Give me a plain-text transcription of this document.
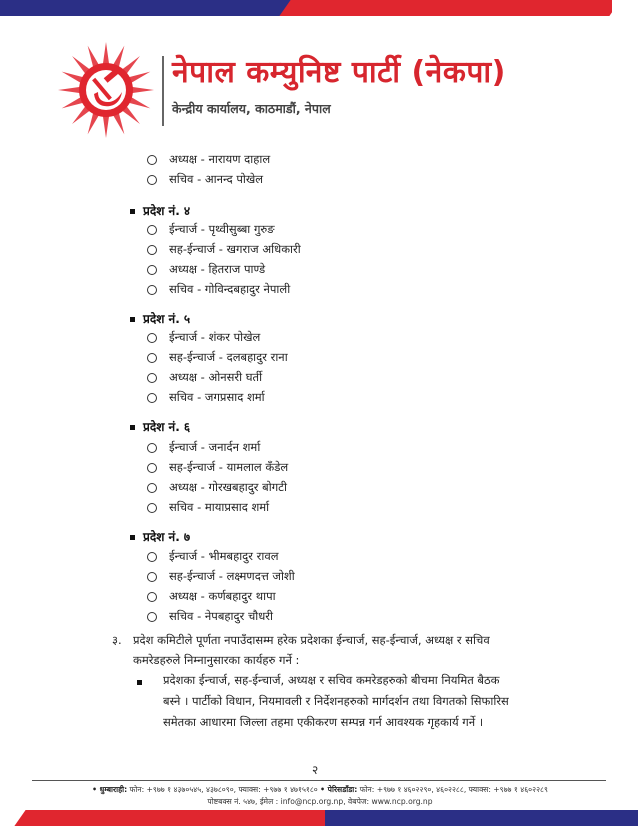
नेपाल कम्युनिष्ट पार्टी (नेकपा)
केन्द्रीय कार्यालय, काठमाडौं, नेपाल
अध्यक्ष - नारायण दाहाल
सचिव - आनन्द पोखेल
प्रदेश नं. ४
ईन्चार्ज - पृथ्वीसुब्बा गुरुङ
सह-ईन्चार्ज - खगराज अधिकारी
अध्यक्ष - हितराज पाण्डे
सचिव - गोविन्दबहादुर नेपाली
प्रदेश नं. ५
ईन्चार्ज - शंकर पोखेल
सह-ईन्चार्ज - दलबहादुर राना
अध्यक्ष - ओनसरी घर्ती
सचिव - जगप्रसाद शर्मा
प्रदेश नं. ६
ईन्चार्ज - जनार्दन शर्मा
सह-ईन्चार्ज - यामलाल कँडेल
अध्यक्ष - गोरखबहादुर बोगटी
सचिव - मायाप्रसाद शर्मा
प्रदेश नं. ७
ईन्चार्ज - भीमबहादुर रावल
सह-ईन्चार्ज - लक्ष्मणदत्त जोशी
अध्यक्ष - कर्णबहादुर थापा
सचिव - नेपबहादुर चौधरी
३. प्रदेश कमिटीले पूर्णता नपाउँदासम्म हरेक प्रदेशका ईन्चार्ज, सह-ईन्चार्ज, अध्यक्ष र सचिव
कमरेडहरुले निम्नानुसारका कार्यहरु गर्ने :
प्रदेशका ईन्चार्ज, सह-ईन्चार्ज, अध्यक्ष र सचिव कमरेडहरुको बीचमा नियमित बैठक
बस्ने । पार्टीको विधान, नियमावली र निर्देशनहरुको मार्गदर्शन तथा विगतको सिफारिस
समेतका आधारमा जिल्ला तहमा एकीकरण सम्पन्न गर्न आवश्यक गृहकार्य गर्ने ।
२
• धुम्बाराही: फोन: +९७७ १ ४३७०५४५, ४३७८०९०, फ्याक्स: +९७७ १ ४७१५१८० • पेरिसडाँडा: फोन: +९७७ १ ४६०२२९०, ४६०२२८८, फ्याक्स: +९७७ १ ४६०२२८९
पोष्टबक्स नं. ५४७, ईमेल : info@ncp.org.np, वेबपेज: www.ncp.org.np
